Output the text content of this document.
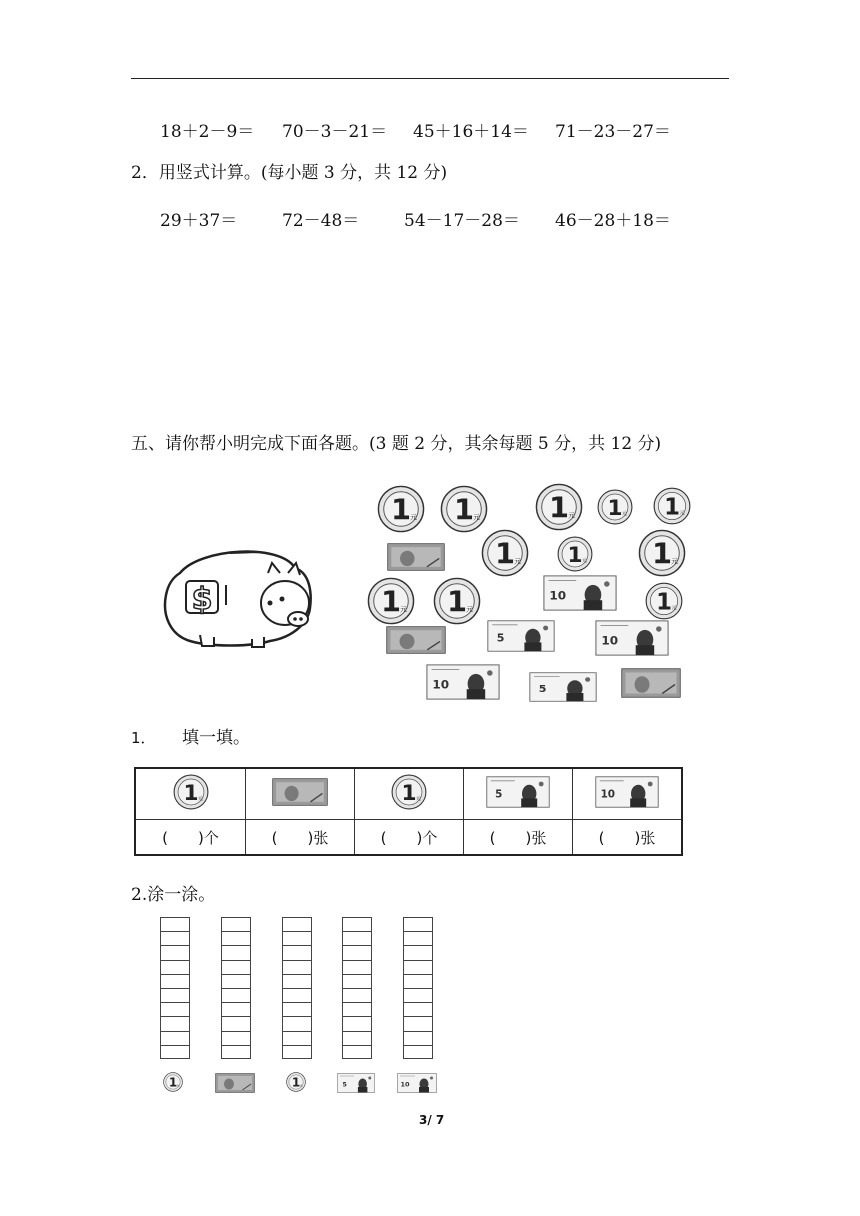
18＋2－9＝ 70－3－21＝ 45＋16＋14＝ 71－23－27＝
2．用竖式计算。(每小题 3 分，共 12 分)
29＋37＝	72－48＝	54－17－28＝ 46－28＋18＝
五、请你帮小明完成下面各题。(3 题 2 分，其余每题 5 分，共 12 分)
$
1 元 1 元 1 元 1 元 1 元
1 元 1 元 1 元
1 元 1 元	1 元
10
5	10
10	5
1． 填一填。
1 元		1 元	5	10

(　　)个	(　　)张	(　　)个	(　　)张	(　　)张
2.涂一涂。
1 元	1 元	5	10
3/ 7
